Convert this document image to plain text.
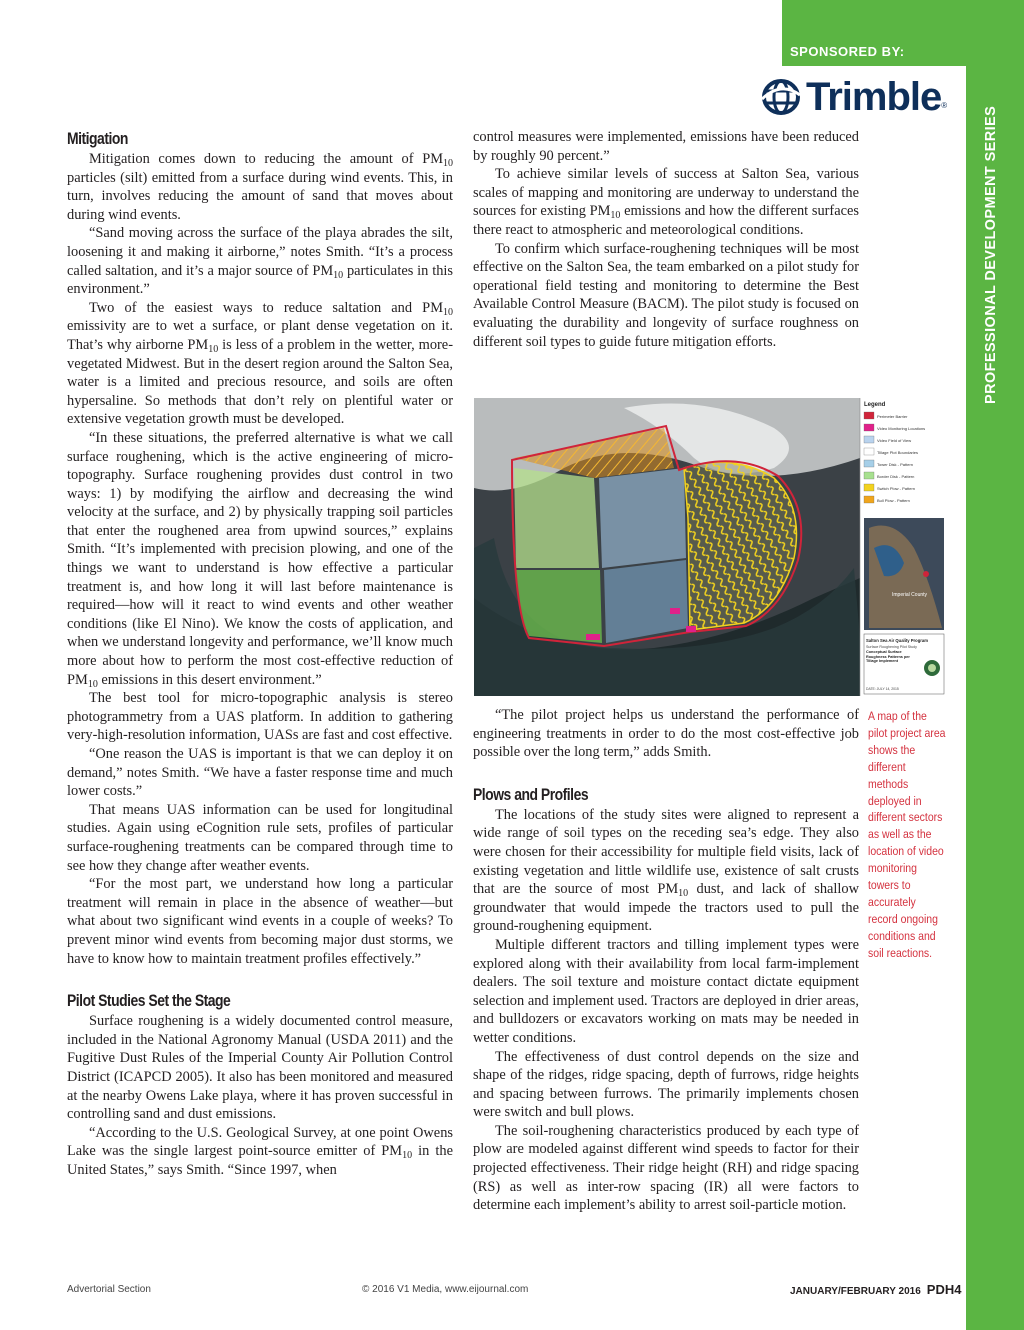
SPONSORED BY:
Trimble ®
PROFESSIONAL DEVELOPMENT SERIES
Mitigation

Mitigation comes down to reducing the amount of $PM_{10}$ particles (silt) emitted from a surface during wind events. This, in turn, involves reducing the amount of sand that moves about during wind events.

“Sand moving across the surface of the playa abrades the silt, loosening it and making it airborne,” notes Smith. “It’s a process called saltation, and it’s a major source of $PM_{10}$ particulates in this environment.”

Two of the easiest ways to reduce saltation and $PM_{10}$ emissivity are to wet a surface, or plant dense vegetation on it. That’s why airborne $PM_{10}$ is less of a problem in the wetter, more-vegetated Midwest. But in the desert region around the Salton Sea, water is a limited and precious resource, and soils are often hypersaline. So methods that don’t rely on plentiful water or extensive vegetation growth must be developed.

“In these situations, the preferred alternative is what we call surface roughening, which is the active engineering of micro-topography. Surface roughening provides dust control in two ways: 1) by modifying the airflow and decreasing the wind velocity at the surface, and 2) by physically trapping soil particles that enter the roughened area from upwind sources,” explains Smith. “It’s implemented with precision plowing, and one of the things we want to understand is how effective a particular treatment is, and how long it will last before maintenance is required—how will it react to wind events and other weather conditions (like El Nino). We know the costs of application, and when we understand longevity and performance, we’ll know much more about how to perform the most cost-effective reduction of $PM_{10}$ emissions in this desert environment.”

The best tool for micro-topographic analysis is stereo photogrammetry from a UAS platform. In addition to gathering very-high-resolution information, UASs are fast and cost effective.

“One reason the UAS is important is that we can deploy it on demand,” notes Smith. “We have a faster response time and much lower costs.”

That means UAS information can be used for longitudinal studies. Again using eCognition rule sets, profiles of particular surface-roughening treatments can be compared through time to see how they change after weather events.

“For the most part, we understand how long a particular treatment will remain in place in the absence of weather—but what about two significant wind events in a couple of weeks? To prevent minor wind events from becoming major dust storms, we have to know how to maintain treatment profiles effectively.”

Pilot Studies Set the Stage

Surface roughening is a widely documented control measure, included in the National Agronomy Manual (USDA 2011) and the Fugitive Dust Rules of the Imperial County Air Pollution Control District (ICAPCD 2005). It also has been monitored and measured at the nearby Owens Lake playa, where it has proven successful in controlling sand and dust emissions.

“According to the U.S. Geological Survey, at one point Owens Lake was the single largest point-source emitter of $PM_{10}$ in the United States,” says Smith. “Since 1997, when

control measures were implemented, emissions have been reduced by roughly 90 percent.”

To achieve similar levels of success at Salton Sea, various scales of mapping and monitoring are underway to understand the sources for existing $PM_{10}$ emissions and how the different surfaces there react to atmospheric and meteorological conditions.

To confirm which surface-roughening techniques will be most effective on the Salton Sea, the team embarked on a pilot study for operational field testing and monitoring to determine the Best Available Control Measure (BACM). The pilot study is focused on evaluating the durability and longevity of surface roughness on different soil types to guide future mitigation efforts.

Legend
Perimeter Barrier
Video Monitoring Locations
Video Field of View
Tillage Plot Boundaries
Tower Disk - Pattern
Border Disk - Pattern
Switch Plow - Pattern
Bull Plow - Pattern
Imperial County
Salton Sea Air Quality Program
Surface Roughening Pilot Study
Conceptual Surface Roughness Patterns per Tillage Implement
DATE: JULY 14, 2015
A map of the pilot project area shows the different methods deployed in different sectors as well as the location of video monitoring towers to accurately record ongoing conditions and soil reactions.

“The pilot project helps us understand the performance of engineering treatments in order to do the most cost-effective job possible over the long term,” adds Smith.

Plows and Profiles

The locations of the study sites were aligned to represent a wide range of soil types on the receding sea’s edge. They also were chosen for their accessibility for multiple field visits, lack of existing vegetation and little wildlife use, existence of salt crusts that are the source of most $PM_{10}$ dust, and lack of shallow groundwater that would impede the tractors used to pull the ground-roughening equipment.

Multiple different tractors and tilling implement types were explored along with their availability from local farm-implement dealers. The soil texture and moisture contact dictate equipment selection and implement used. Tractors are deployed in drier areas, and bulldozers or excavators working on mats may be needed in wetter conditions.

The effectiveness of dust control depends on the size and shape of the ridges, ridge spacing, depth of furrows, ridge heights and spacing between furrows. The primarily implements chosen were switch and bull plows.

The soil-roughening characteristics produced by each type of plow are modeled against different wind speeds to factor for their projected effectiveness. Their ridge height (RH) and ridge spacing (RS) as well as inter-row spacing (IR) all were factors to determine each implement’s ability to arrest soil-particle motion.

Advertorial Section	© 2016 V1 Media, www.eijournal.com	JANUARY/FEBRUARY 2016 PDH4
